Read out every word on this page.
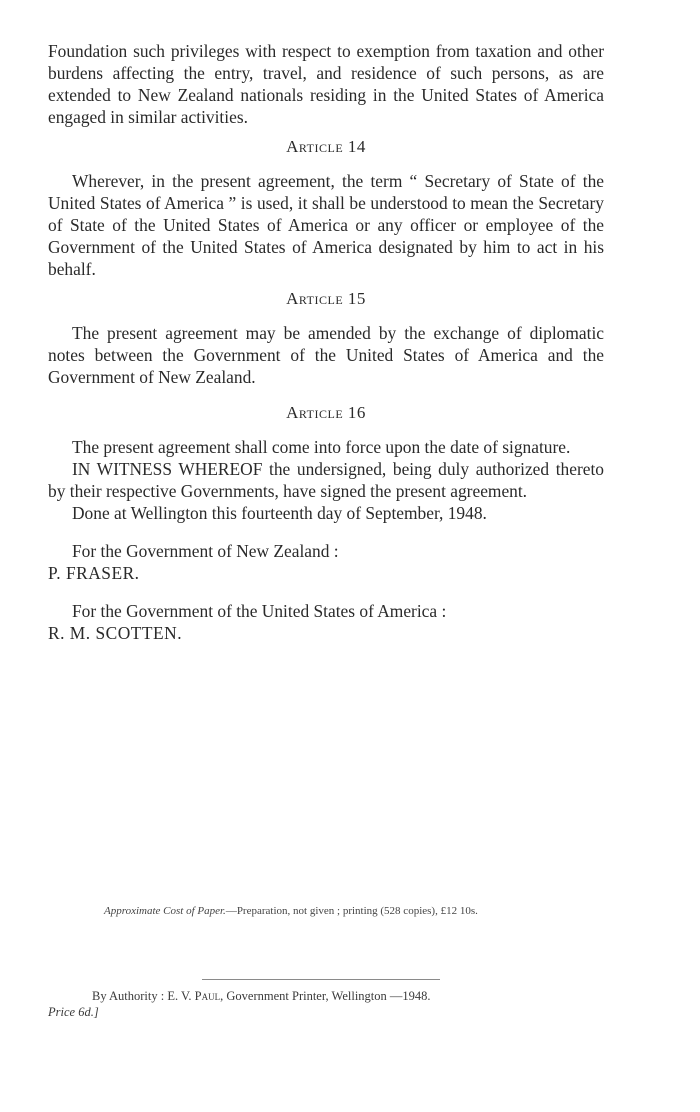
Foundation such privileges with respect to exemption from taxation and other burdens affecting the entry, travel, and residence of such persons, as are extended to New Zealand nationals residing in the United States of America engaged in similar activities.

Article 14

Wherever, in the present agreement, the term “ Secretary of State of the United States of America ” is used, it shall be understood to mean the Secretary of State of the United States of America or any officer or employee of the Government of the United States of America designated by him to act in his behalf.

Article 15

The present agreement may be amended by the exchange of diplomatic notes between the Government of the United States of America and the Government of New Zealand.

Article 16

The present agreement shall come into force upon the date of signature.

IN WITNESS WHEREOF the undersigned, being duly authorized thereto by their respective Governments, have signed the present agreement.

Done at Wellington this fourteenth day of September, 1948.

For the Government of New Zealand :

P. FRASER.

For the Government of the United States of America :

R. M. SCOTTEN.

Approximate Cost of Paper.—Preparation, not given ; printing (528 copies), £12 10s.
By Authority : E. V. Paul, Government Printer, Wellington —1948.
Price 6d.]
